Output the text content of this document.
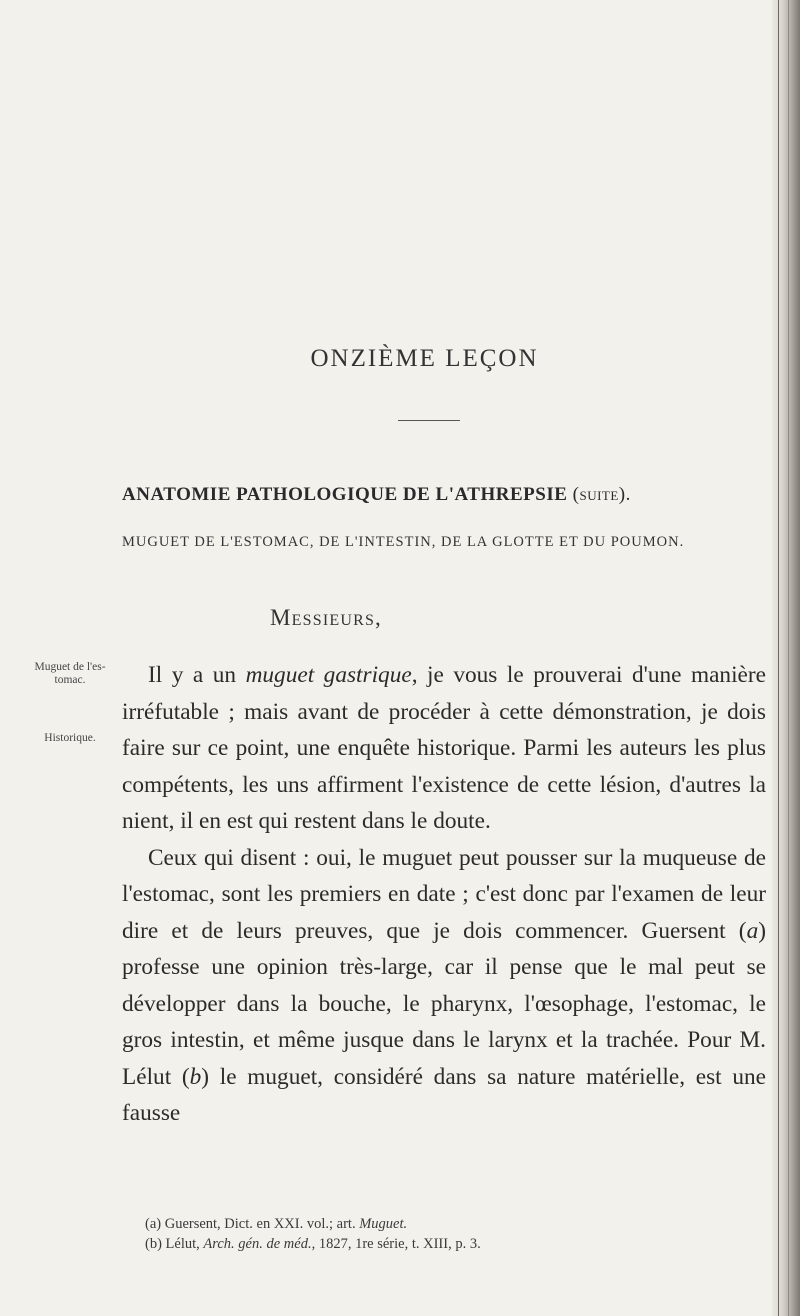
ONZIÈME LEÇON
ANATOMIE PATHOLOGIQUE DE L'ATHREPSIE (suite).
MUGUET DE L'ESTOMAC, DE L'INTESTIN, DE LA GLOTTE ET DU POUMON.
Messieurs,
Muguet de l'es-tomac.
Historique.

Il y a un muguet gastrique, je vous le prouverai d'une manière irréfutable ; mais avant de procéder à cette démonstration, je dois faire sur ce point, une enquête historique. Parmi les auteurs les plus compétents, les uns affirment l'existence de cette lésion, d'autres la nient, il en est qui restent dans le doute.

Ceux qui disent : oui, le muguet peut pousser sur la muqueuse de l'estomac, sont les premiers en date ; c'est donc par l'examen de leur dire et de leurs preuves, que je dois commencer. Guersent (a) professe une opinion très-large, car il pense que le mal peut se développer dans la bouche, le pharynx, l'œsophage, l'estomac, le gros intestin, et même jusque dans le larynx et la trachée. Pour M. Lélut (b) le muguet, considéré dans sa nature matérielle, est une fausse

(a) Guersent, Dict. en XXI. vol.; art. Muguet.
(b) Lélut, Arch. gén. de méd., 1827, 1re série, t. XIII, p. 3.
